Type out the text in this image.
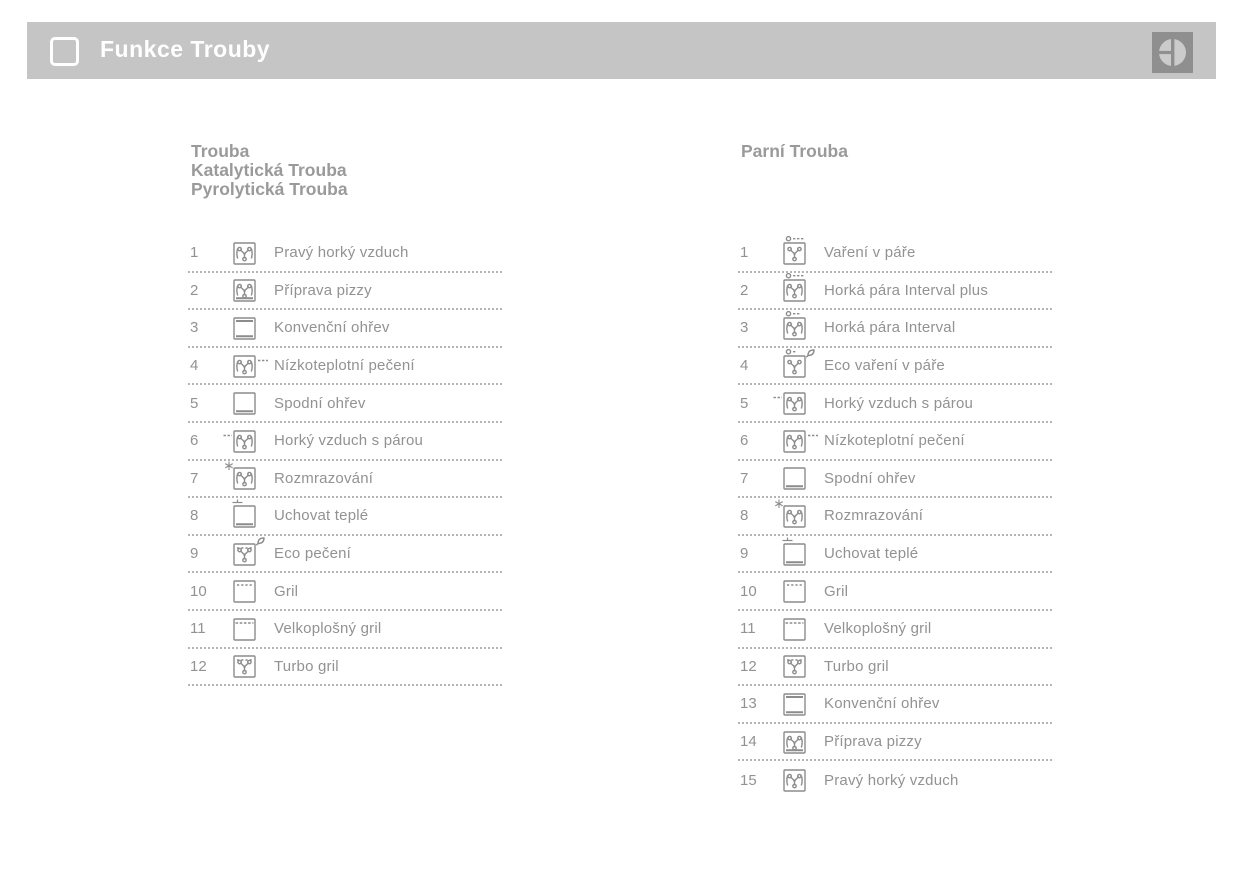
Funkce Trouby
Trouba
Katalytická Trouba
Pyrolytická Trouba
1	Pravý horký vzduch
2	Příprava pizzy
3	Konvenční ohřev
4	Nízkoteplotní pečení
5	Spodní ohřev
6	Horký vzduch s párou
7	Rozmrazování
8	Uchovat teplé
9	Eco pečení
10	Gril
11	Velkoplošný gril
12	Turbo gril
Parní Trouba
1	Vaření v páře
2	Horká pára Interval plus
3	Horká pára Interval
4	Eco vaření v páře
5	Horký vzduch s párou
6	Nízkoteplotní pečení
7	Spodní ohřev
8	Rozmrazování
9	Uchovat teplé
10	Gril
11	Velkoplošný gril
12	Turbo gril
13	Konvenční ohřev
14	Příprava pizzy
15	Pravý horký vzduch
